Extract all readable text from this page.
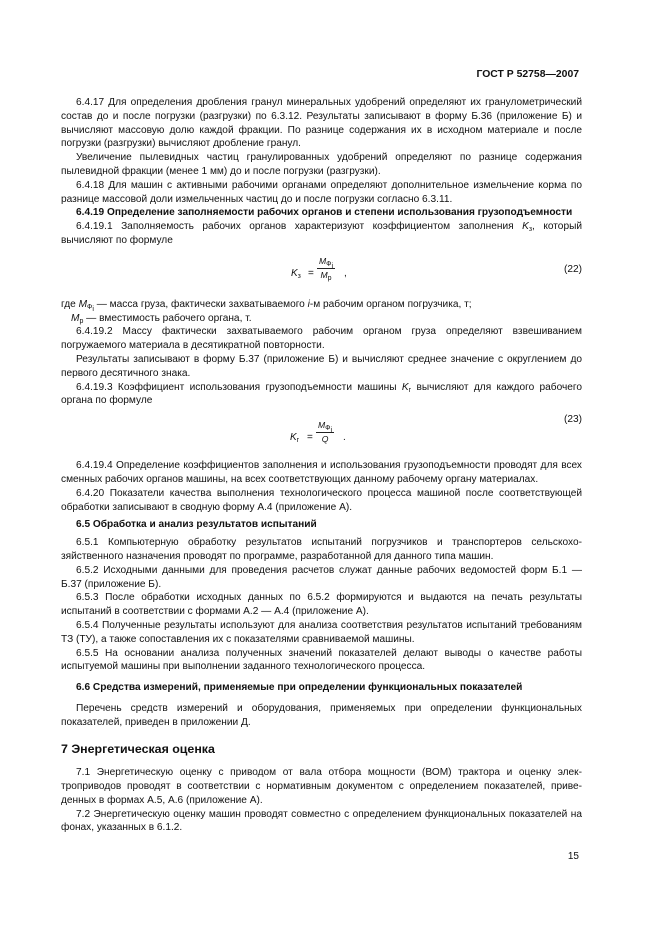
ГОСТ Р 52758—2007

6.4.17 Для определения дробления гранул минеральных удобрений определяют их гранулометрический состав до и после погрузки (разгрузки) по 6.3.12. Результаты записывают в форму Б.36 (приложение Б) и вычисляют массовую долю каждой фракции. По разнице содержания их в исходном материале и после погрузки (разгрузки) вычисляют дробление гранул.

Увеличение пылевидных частиц гранулированных удобрений определяют по разнице содержания пылевидной фракции (менее 1 мм) до и после погрузки (разгрузки).

6.4.18 Для машин с активными рабочими органами определяют дополнительное измельчение корма по разнице массовой доли измельченных частиц до и после погрузки согласно 6.3.11.

6.4.19 Определение заполняемости рабочих органов и степени использования грузоподъемности

6.4.19.1 Заполняемость рабочих органов характеризуют коэффициентом заполнения $K_з$, который вычисляют по формуле

$K_з$ =
$M_{Ф_i}$
$M_р$ ,	(22)

где $M_{Ф_i}$ — масса груза, фактически захватываемого i-м рабочим органом погрузчика, т;

$M_р$ — вместимость рабочего органа, т.

6.4.19.2 Массу фактически захватываемого рабочим органом груза определяют взвешиванием погружаемого материала в десятикратной повторности.

Результаты записывают в форму Б.37 (приложение Б) и вычисляют среднее значение с округлением до первого десятичного знака.

6.4.19.3 Коэффициент использования грузоподъемности машины $K_г$ вычисляют для каждого рабочего органа по формуле

$K_г$ =
$M_{Ф_i}$
Q .
(23)

6.4.19.4 Определение коэффициентов заполнения и использования грузоподъемности проводят для всех сменных рабочих органов машины, на всех соответствующих данному рабочему органу материалах.

6.4.20 Показатели качества выполнения технологического процесса машиной после соответствующей обработки записывают в сводную форму А.4 (приложение А).

6.5 Обработка и анализ результатов испытаний

6.5.1 Компьютерную обработку результатов испытаний погрузчиков и транспортеров сельскохозяйственного назначения проводят по программе, разработанной для данного типа машин.

6.5.2 Исходными данными для проведения расчетов служат данные рабочих ведомостей форм Б.1 — Б.37 (приложение Б).

6.5.3 После обработки исходных данных по 6.5.2 формируются и выдаются на печать результаты испытаний в соответствии с формами А.2 — А.4 (приложение А).

6.5.4 Полученные результаты используют для анализа соответствия результатов испытаний требованиям ТЗ (ТУ), а также сопоставления их с показателями сравниваемой машины.

6.5.5 На основании анализа полученных значений показателей делают выводы о качестве работы испытуемой машины при выполнении заданного технологического процесса.

6.6 Средства измерений, применяемые при определении функциональных показателей

Перечень средств измерений и оборудования, применяемых при определении функциональных показателей, приведен в приложении Д.

7 Энергетическая оценка

7.1 Энергетическую оценку с приводом от вала отбора мощности (ВОМ) трактора и оценку электроприводов проводят в соответствии с нормативным документом с определением показателей, приведенных в формах А.5, А.6 (приложение А).

7.2 Энергетическую оценку машин проводят совместно с определением функциональных показателей на фонах, указанных в 6.1.2.

15
